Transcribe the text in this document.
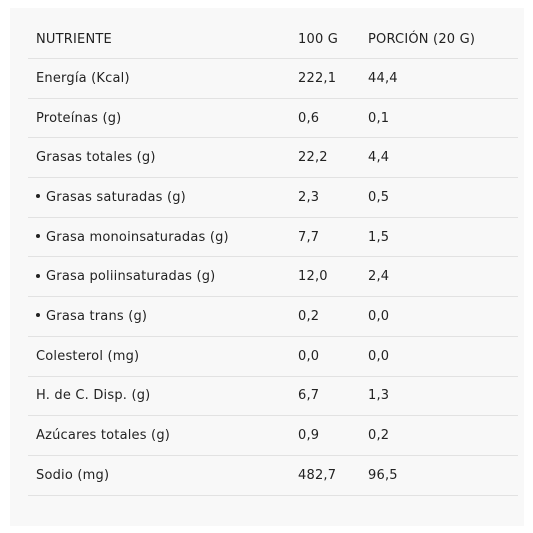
NUTRIENTE	100 G	PORCIÓN (20 G)
Energía (Kcal)	222,1	44,4
Proteínas (g)	0,6	0,1
Grasas totales (g)	22,2	4,4
Grasas saturadas (g)	2,3	0,5
Grasa monoinsaturadas (g)	7,7	1,5
Grasa poliinsaturadas (g)	12,0	2,4
Grasa trans (g)	0,2	0,0
Colesterol (mg)	0,0	0,0
H. de C. Disp. (g)	6,7	1,3
Azúcares totales (g)	0,9	0,2
Sodio (mg)	482,7	96,5
